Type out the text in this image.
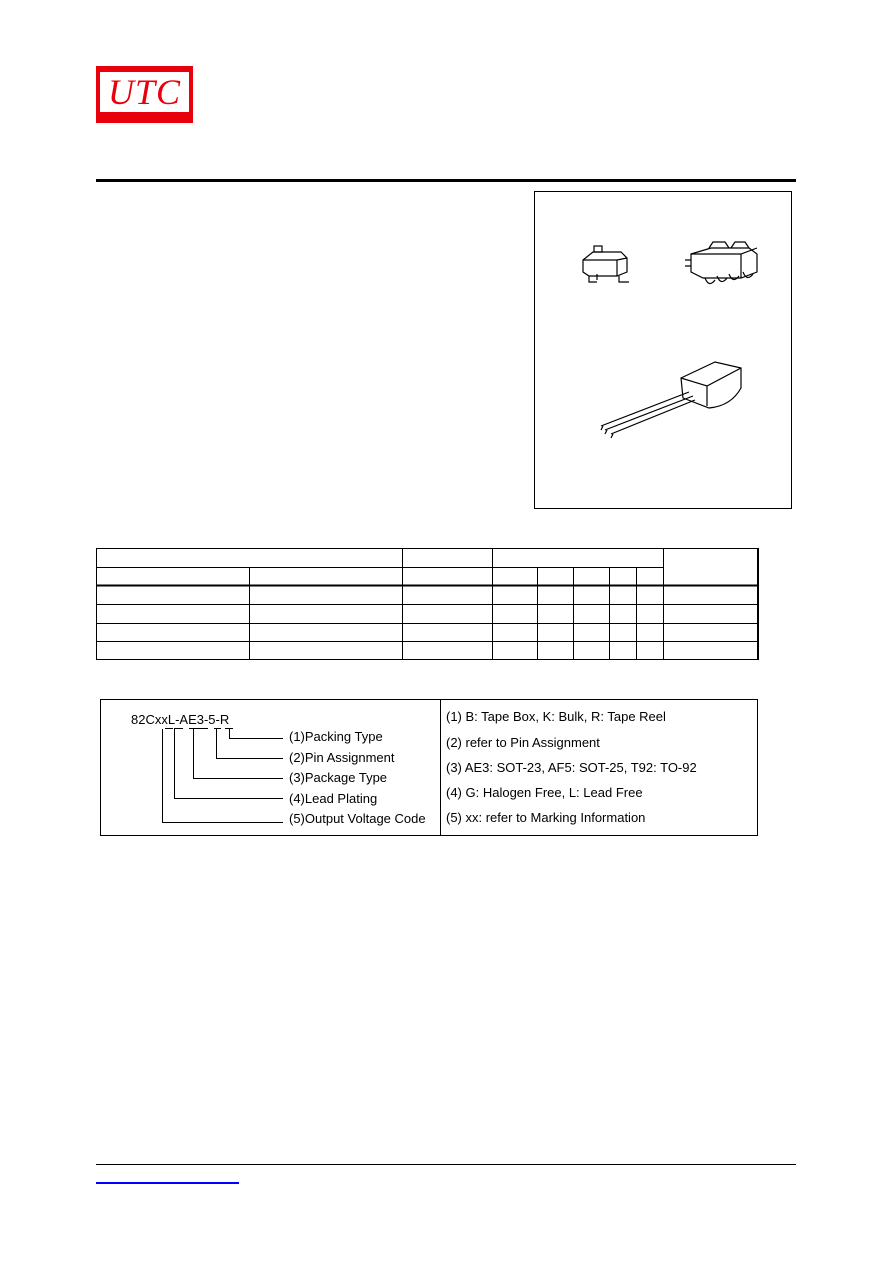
UTC
82CxxL-AE3-5-R
(1)Packing Type
(2)Pin Assignment
(3)Package Type
(4)Lead Plating
(5)Output Voltage Code
(1) B: Tape Box, K: Bulk, R: Tape Reel
(2) refer to Pin Assignment
(3) AE3: SOT-23, AF5: SOT-25, T92: TO-92
(4) G: Halogen Free, L: Lead Free
(5) xx: refer to Marking Information
